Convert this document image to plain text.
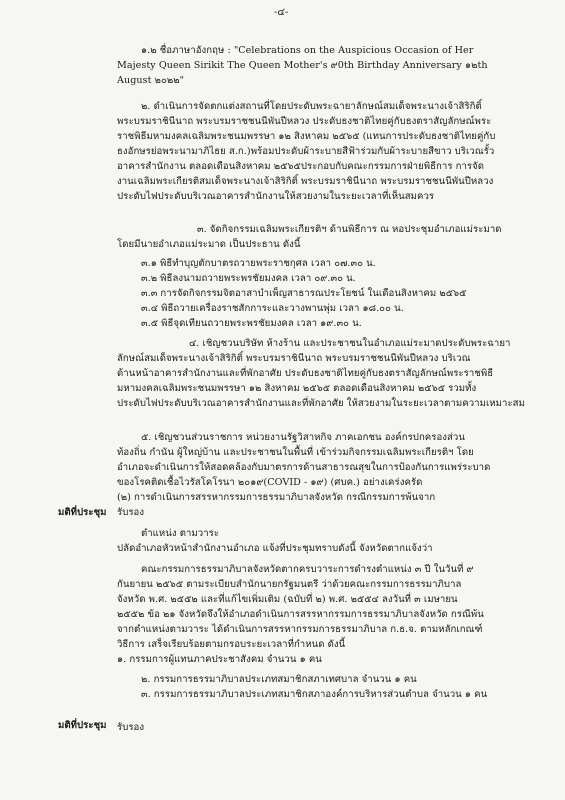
-๔-
๑.๒ ชื่อภาษาอังกฤษ : "Celebrations on the Auspicious Occasion of Her
Majesty Queen Sirikit The Queen Mother's ๙0th Birthday Anniversary ๑๒th
August ๒๐๒๒"
๒. ดำเนินการจัดตกแต่งสถานที่โดยประดับพระฉายาลักษณ์สมเด็จพระนางเจ้าสิริกิติ์
พระบรมราชินีนาถ พระบรมราชชนนีพันปีหลวง ประดับธงชาติไทยคู่กับธงตราสัญลักษณ์พระ
ราชพิธีมหามงคลเฉลิมพระชนมพรรษา ๑๒ สิงหาคม ๒๕๖๕ (แทนการประดับธงชาติไทยคู่กับ
ธงอักษรย่อพระนามาภิไธย ส.ก.)พร้อมประดับผ้าระบายสีฟ้าร่วมกับผ้าระบายสีขาว บริเวณรั้ว
อาคารสำนักงาน ตลอดเดือนสิงหาคม ๒๕๖๕ประกอบกับคณะกรรมการฝ่ายพิธีการ การจัด
งานเฉลิมพระเกียรติสมเด็จพระนางเจ้าสิริกิติ์ พระบรมราชินีนาถ พระบรมราชชนนีพันปีหลวง
ประดับไฟประดับบริเวณอาคารสำนักงานให้สวยงามในระยะเวลาที่เห็นสมควร
๓. จัดกิจกรรมเฉลิมพระเกียรติฯ ด้านพิธีการ ณ หอประชุมอำเภอแม่ระมาด
โดยมีนายอำเภอแม่ระมาด เป็นประธาน ดังนี้
๓.๑ พิธีทำบุญตักบาตรถวายพระราชกุศล เวลา ๐๗.๓๐ น.
๓.๒ พิธีลงนามถวายพระพรชัยมงคล เวลา ๐๙.๓๐ น.
๓.๓ การจัดกิจกรรมจิตอาสาบำเพ็ญสาธารณประโยชน์ ในเดือนสิงหาคม ๒๕๖๕
๓.๔ พิธีถวายเครื่องราชสักการะและวางพานพุ่ม เวลา ๑๘.๐๐ น.
๓.๕ พิธีจุดเทียนถวายพระพรชัยมงคล เวลา ๑๙.๓๐ น.
๔. เชิญชวนบริษัท ห้างร้าน และประชาชนในอำเภอแม่ระมาดประดับพระฉายา
ลักษณ์สมเด็จพระนางเจ้าสิริกิติ์ พระบรมราชินีนาถ พระบรมราชชนนีพันปีหลวง บริเวณ
ด้านหน้าอาคารสำนักงานและที่พักอาศัย ประดับธงชาติไทยคู่กับธงตราสัญลักษณ์พระราชพิธี
มหามงคลเฉลิมพระชนมพรรษา ๑๒ สิงหาคม ๒๕๖๕ ตลอดเดือนสิงหาคม ๒๕๖๕ รวมทั้ง
ประดับไฟประดับบริเวณอาคารสำนักงานและที่พักอาศัย ให้สวยงามในระยะเวลาตามความเหมาะสม
๕. เชิญชวนส่วนราชการ หน่วยงานรัฐวิสาหกิจ ภาคเอกชน องค์กรปกครองส่วน
ท้องถิ่น กำนัน ผู้ใหญ่บ้าน และประชาชนในพื้นที่ เข้าร่วมกิจกรรมเฉลิมพระเกียรติฯ โดย
อำเภอจะดำเนินการให้สอดคล้องกับมาตรการด้านสาธารณสุขในการป้องกันการแพร่ระบาด
ของโรคติดเชื้อไวรัสโคโรนา ๒๐๑๙(COVID - ๑๙) (ศบค.) อย่างเคร่งครัด
(๒) การดำเนินการสรรหากรรมการธรรมาภิบาลจังหวัด กรณีกรรมการพ้นจาก
มติที่ประชุม รับรอง
ตำแหน่ง ตามวาระ
ปลัดอำเภอหัวหน้าสำนักงานอำเภอ แจ้งที่ประชุมทราบดังนี้ จังหวัดตากแจ้งว่า
คณะกรรมการธรรมาภิบาลจังหวัดตากครบวาระการดำรงตำแหน่ง ๓ ปี ในวันที่ ๙
กันยายน ๒๕๖๕ ตามระเบียบสำนักนายกรัฐมนตรี ว่าด้วยคณะกรรมการธรรมาภิบาล
จังหวัด พ.ศ. ๒๕๕๒ และที่แก้ไขเพิ่มเติม (ฉบับที่ ๒) พ.ศ. ๒๕๕๔ ลงวันที่ ๓ เมษายน
๒๕๕๒ ข้อ ๒๑ จังหวัดจึงให้อำเภอดำเนินการสรรหากรรมการธรรมาภิบาลจังหวัด กรณีพ้น
จากตำแหน่งตามวาระ ได้ดำเนินการสรรหากรรมการธรรมาภิบาล ก.ธ.จ. ตามหลักเกณฑ์
วิธีการ เสร็จเรียบร้อยตามกรอบระยะเวลาที่กำหนด ดังนี้
๑. กรรมการผู้แทนภาคประชาสังคม จำนวน ๑ คน
๒. กรรมการธรรมาภิบาลประเภทสมาชิกสภาเทศบาล จำนวน ๑ คน
๓. กรรมการธรรมาภิบาลประเภทสมาชิกสภาองค์การบริหารส่วนตำบล จำนวน ๑ คน
มติที่ประชุม รับรอง
